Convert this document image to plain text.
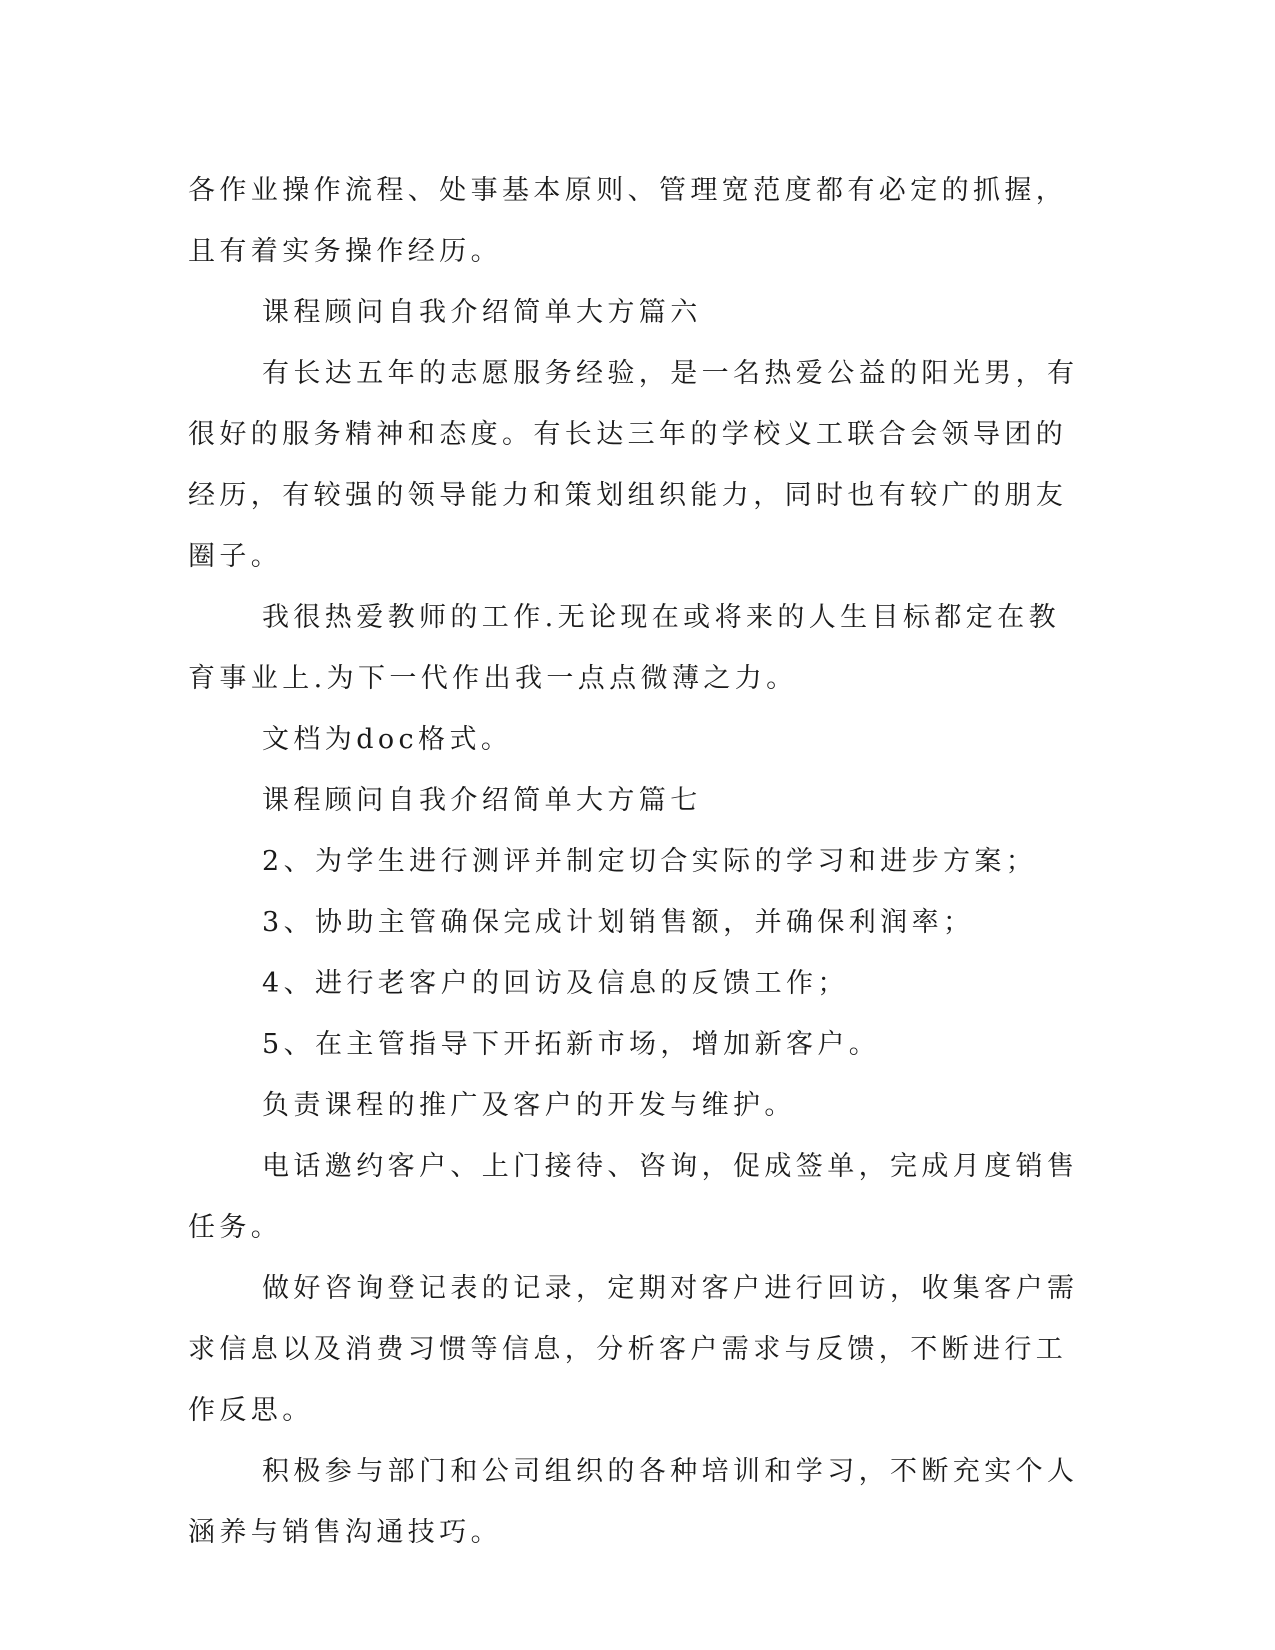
各作业操作流程、处事基本原则、管理宽范度都有必定的抓握，且有着实务操作经历。

课程顾问自我介绍简单大方篇六

有长达五年的志愿服务经验，是一名热爱公益的阳光男，有很好的服务精神和态度。有长达三年的学校义工联合会领导团的经历，有较强的领导能力和策划组织能力，同时也有较广的朋友圈子。

我很热爱教师的工作.无论现在或将来的人生目标都定在教育事业上.为下一代作出我一点点微薄之力。

文档为doc格式。

课程顾问自我介绍简单大方篇七

2、为学生进行测评并制定切合实际的学习和进步方案；

3、协助主管确保完成计划销售额，并确保利润率；

4、进行老客户的回访及信息的反馈工作；

5、在主管指导下开拓新市场，增加新客户。

负责课程的推广及客户的开发与维护。

电话邀约客户、上门接待、咨询，促成签单，完成月度销售任务。

做好咨询登记表的记录，定期对客户进行回访，收集客户需求信息以及消费习惯等信息，分析客户需求与反馈，不断进行工作反思。

积极参与部门和公司组织的各种培训和学习，不断充实个人涵养与销售沟通技巧。
